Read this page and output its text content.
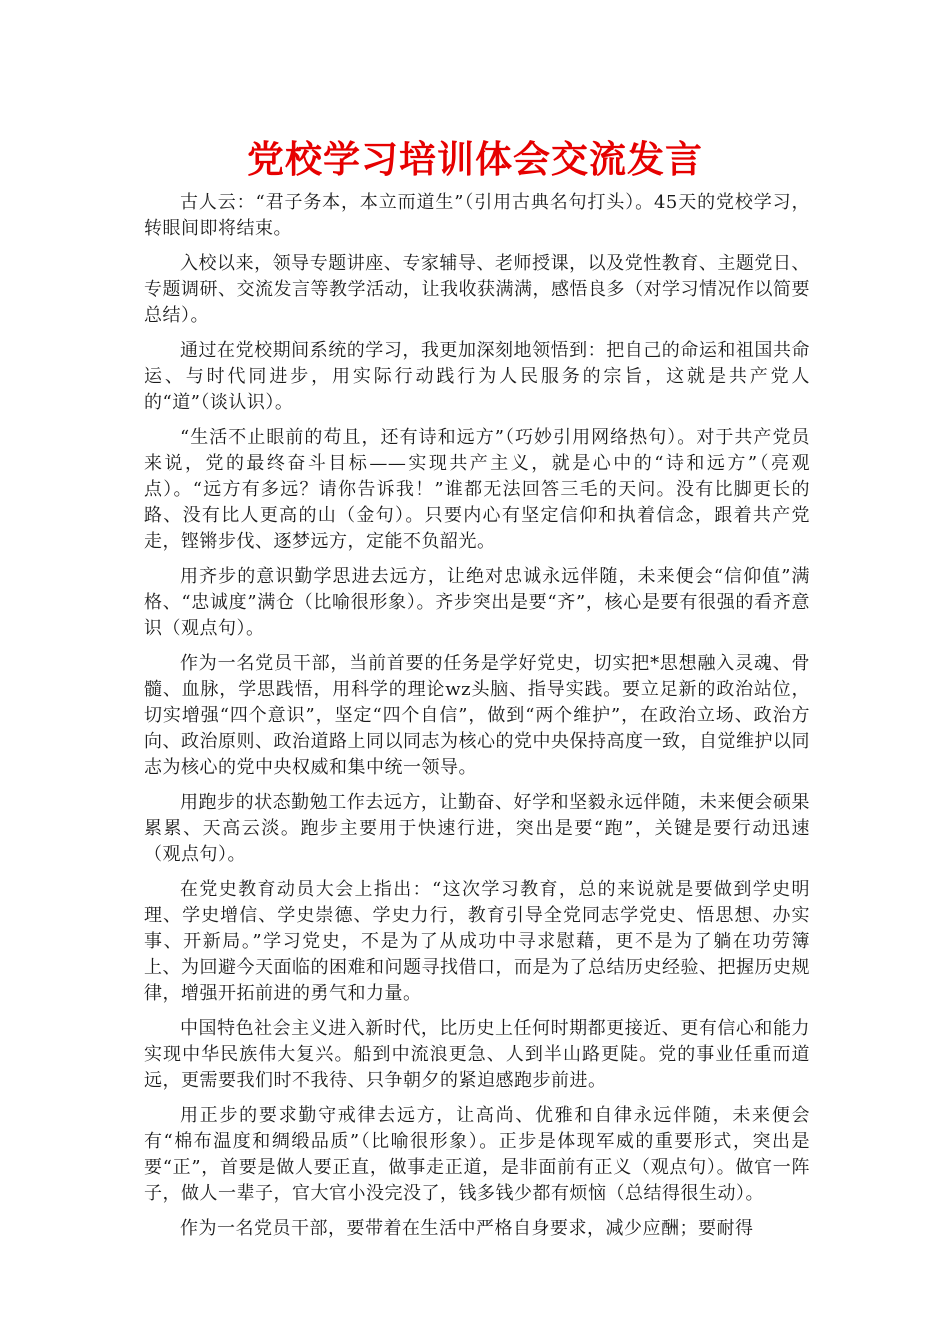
党校学习培训体会交流发言

古人云：“君子务本，本立而道生”（引用古典名句打头）。45天的党校学习，转眼间即将结束。

入校以来，领导专题讲座、专家辅导、老师授课，以及党性教育、主题党日、专题调研、交流发言等教学活动，让我收获满满，感悟良多（对学习情况作以简要总结）。

通过在党校期间系统的学习，我更加深刻地领悟到：把自己的命运和祖国共命运、与时代同进步，用实际行动践行为人民服务的宗旨，这就是共产党人的“道”（谈认识）。

“生活不止眼前的苟且，还有诗和远方”（巧妙引用网络热句）。对于共产党员来说，党的最终奋斗目标——实现共产主义，就是心中的“诗和远方”（亮观点）。“远方有多远？请你告诉我！”谁都无法回答三毛的天问。没有比脚更长的路、没有比人更高的山（金句）。只要内心有坚定信仰和执着信念，跟着共产党走，铿锵步伐、逐梦远方，定能不负韶光。

用齐步的意识勤学思进去远方，让绝对忠诚永远伴随，未来便会“信仰值”满格、“忠诚度”满仓（比喻很形象）。齐步突出是要“齐”，核心是要有很强的看齐意识（观点句）。

作为一名党员干部，当前首要的任务是学好党史，切实把*思想融入灵魂、骨髓、血脉，学思践悟，用科学的理论wz头脑、指导实践。要立足新的政治站位，切实增强“四个意识”，坚定“四个自信”，做到“两个维护”，在政治立场、政治方向、政治原则、政治道路上同以同志为核心的党中央保持高度一致，自觉维护以同志为核心的党中央权威和集中统一领导。

用跑步的状态勤勉工作去远方，让勤奋、好学和坚毅永远伴随，未来便会硕果累累、天高云淡。跑步主要用于快速行进，突出是要“跑”，关键是要行动迅速（观点句）。

在党史教育动员大会上指出：“这次学习教育，总的来说就是要做到学史明理、学史增信、学史崇德、学史力行，教育引导全党同志学党史、悟思想、办实事、开新局。”学习党史，不是为了从成功中寻求慰藉，更不是为了躺在功劳簿上、为回避今天面临的困难和问题寻找借口，而是为了总结历史经验、把握历史规律，增强开拓前进的勇气和力量。

中国特色社会主义进入新时代，比历史上任何时期都更接近、更有信心和能力实现中华民族伟大复兴。船到中流浪更急、人到半山路更陡。党的事业任重而道远，更需要我们时不我待、只争朝夕的紧迫感跑步前进。

用正步的要求勤守戒律去远方，让高尚、优雅和自律永远伴随，未来便会有“棉布温度和绸缎品质”（比喻很形象）。正步是体现军威的重要形式，突出是要“正”，首要是做人要正直，做事走正道，是非面前有正义（观点句）。做官一阵子，做人一辈子，官大官小没完没了，钱多钱少都有烦恼（总结得很生动）。

作为一名党员干部，要带着在生活中严格自身要求，减少应酬；要耐得
